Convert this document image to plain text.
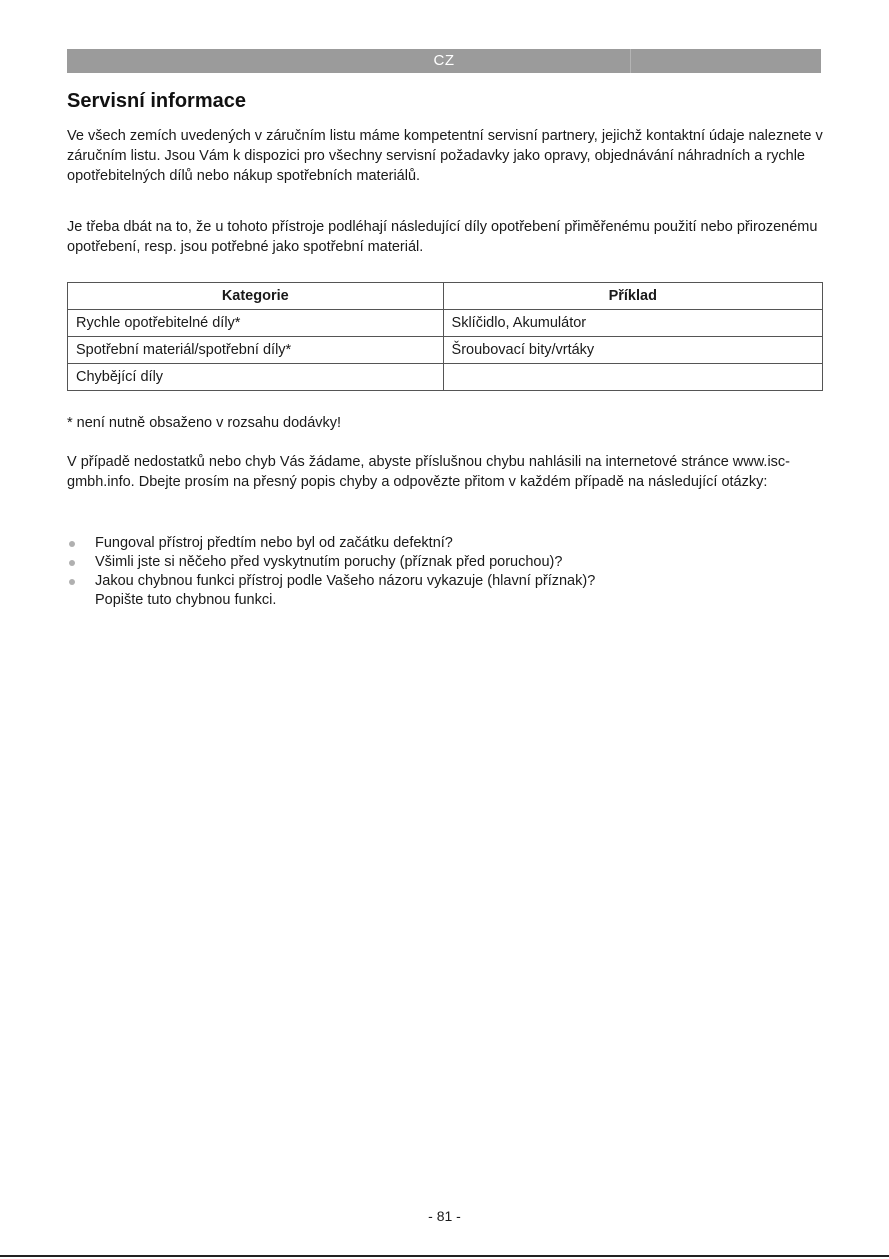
CZ
Servisní informace

Ve všech zemích uvedených v záručním listu máme kompetentní servisní partnery, jejichž kontaktní údaje naleznete v záručním listu. Jsou Vám k dispozici pro všechny servisní požadavky jako opravy, objednávání náhradních a rychle opotřebitelných dílů nebo nákup spotřebních materiálů.

Je třeba dbát na to, že u tohoto přístroje podléhají následující díly opotřebení přiměřenému použití nebo přirozenému opotřebení, resp. jsou potřebné jako spotřební materiál.

Kategorie	Příklad
Rychle opotřebitelné díly*	Sklíčidlo, Akumulátor
Spotřební materiál/spotřební díly*	Šroubovací bity/vrtáky
Chybějící díly	

* není nutně obsaženo v rozsahu dodávky!

V případě nedostatků nebo chyb Vás žádame, abyste příslušnou chybu nahlásili na internetové stránce www.isc-gmbh.info. Dbejte prosím na přesný popis chyby a odpovězte přitom v každém případě na následující otázky:

Fungoval přístroj předtím nebo byl od začátku defektní?
Všimli jste si něčeho před vyskytnutím poruchy (příznak před poruchou)?
Jakou chybnou funkci přístroj podle Vašeho názoru vykazuje (hlavní příznak)?
Popište tuto chybnou funkci.
- 81 -
